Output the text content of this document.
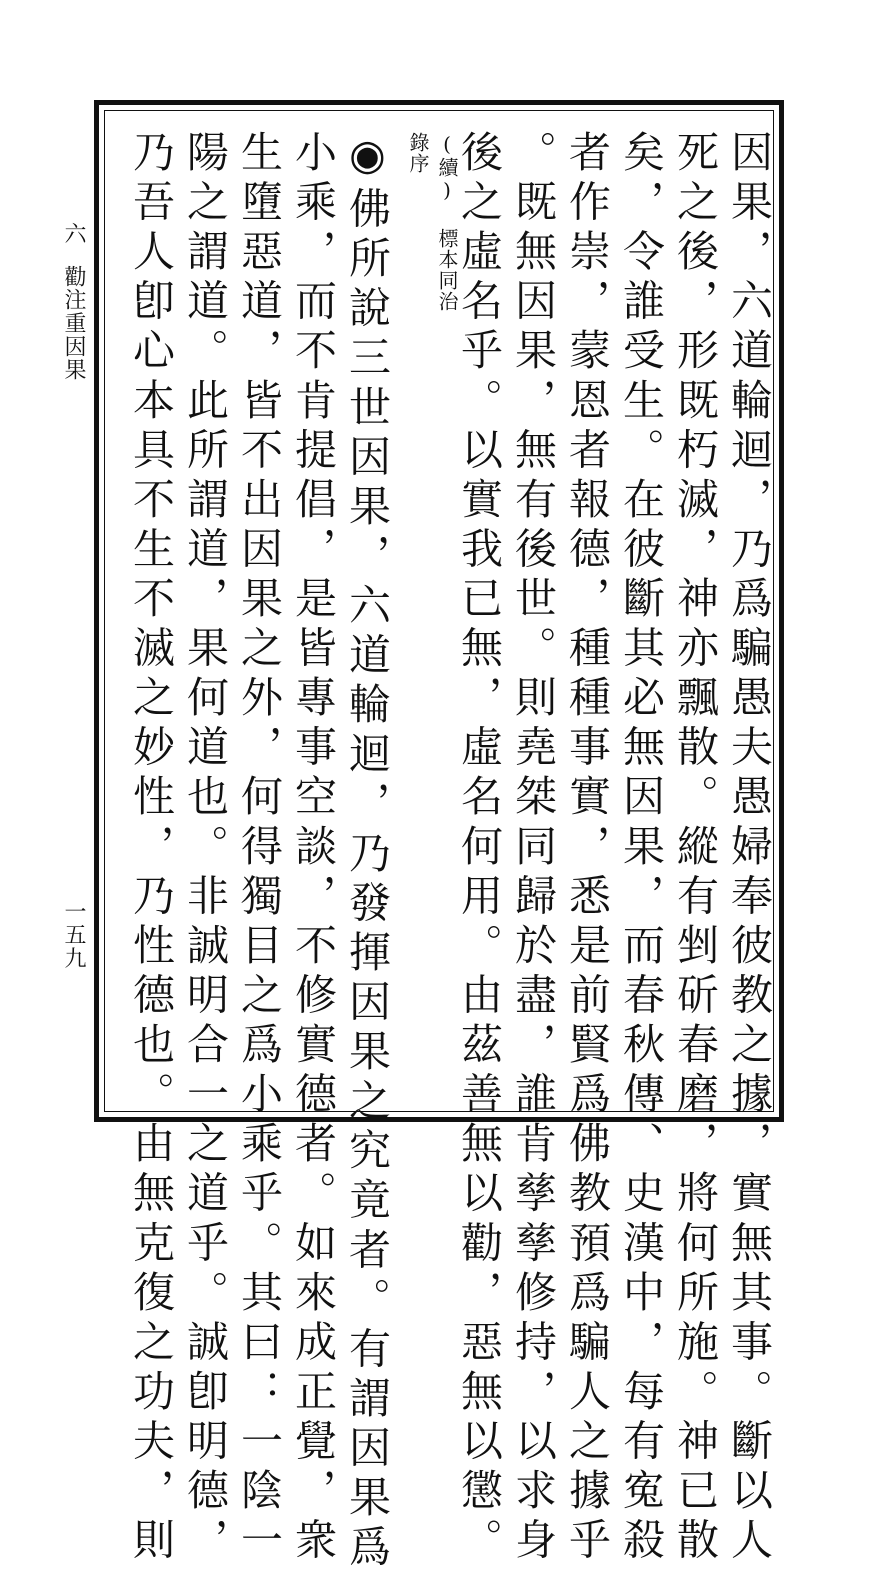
六
勸注重因果
一五九	因果，六道輪迴，乃爲騙愚夫愚婦奉彼教之據，實無其事。斷以人
死之後，形既朽滅，神亦飄散。縱有剉斫春磨，將何所施。神已散
矣，令誰受生。在彼斷其必無因果，而春秋傳、史漢中，每有寃殺
者作崇，蒙恩者報德，種種事實，悉是前賢爲佛教預爲騙人之據乎
。既無因果，無有後世。則堯桀同歸於盡，誰肯孳孳修持，以求身
後之虛名乎。以實我已無，虛名何用。由茲善無以勸，惡無以懲。
(續) 標本同治錄序
◉佛所說三世因果，六道輪迴，乃發揮因果之究竟者。有謂因果爲
小乘，而不肯提倡，是皆專事空談，不修實德者。如來成正覺，衆
生墮惡道，皆不出因果之外，何得獨目之爲小乘乎。其曰：一陰一
陽之謂道。此所謂道，果何道也。非誠明合一之道乎。誠卽明德，
乃吾人卽心本具不生不滅之妙性，乃性德也。由無克復之功夫，則
